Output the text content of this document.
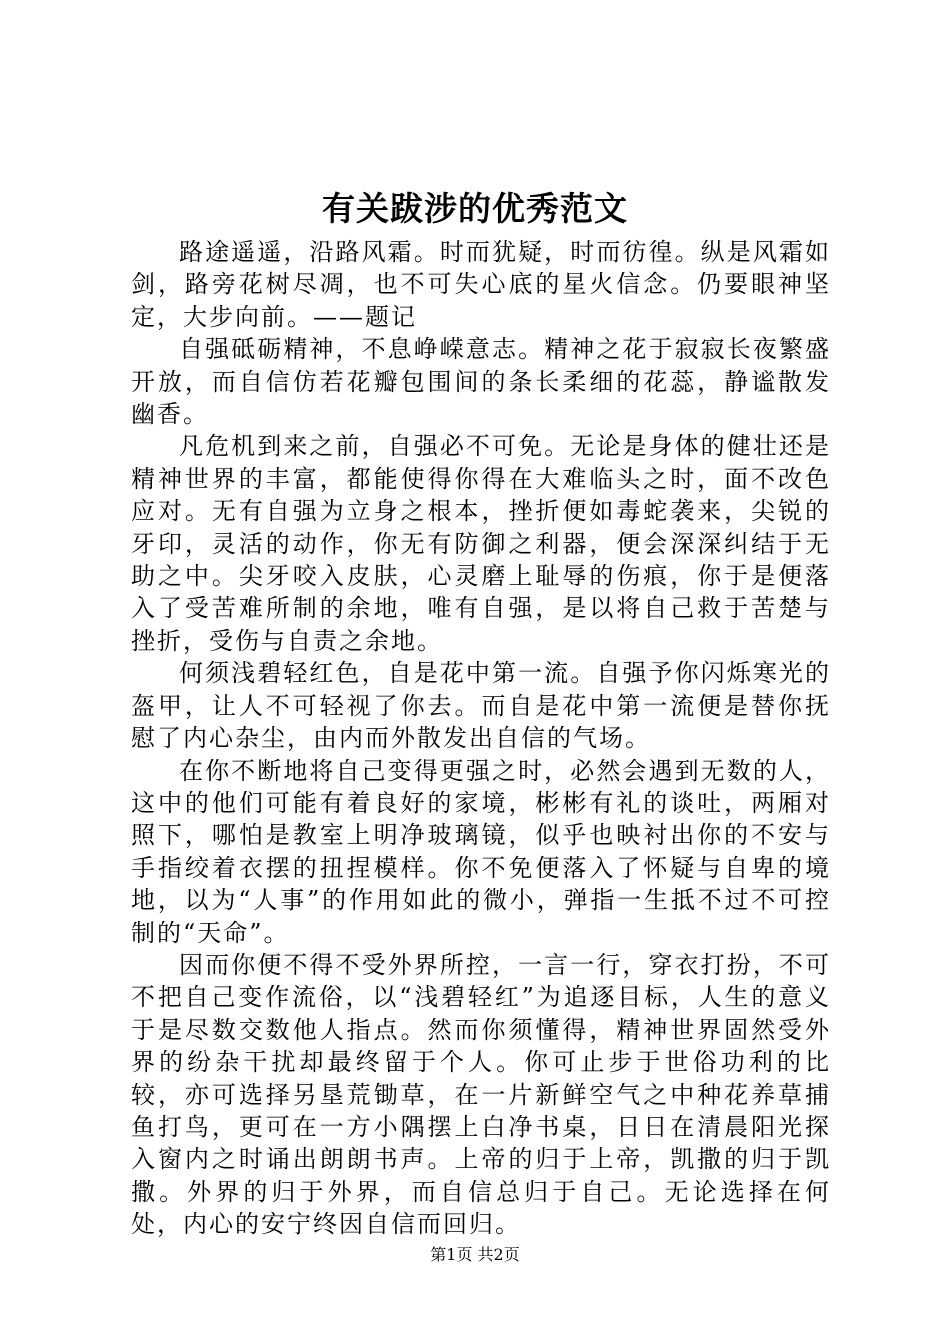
有关跋涉的优秀范文

路途遥遥，沿路风霜。时而犹疑，时而彷徨。纵是风霜如剑，路旁花树尽凋，也不可失心底的星火信念。仍要眼神坚定，大步向前。——题记

自强砥砺精神，不息峥嵘意志。精神之花于寂寂长夜繁盛开放，而自信仿若花瓣包围间的条长柔细的花蕊，静谧散发幽香。

凡危机到来之前，自强必不可免。无论是身体的健壮还是精神世界的丰富，都能使得你得在大难临头之时，面不改色应对。无有自强为立身之根本，挫折便如毒蛇袭来，尖锐的牙印，灵活的动作，你无有防御之利器，便会深深纠结于无助之中。尖牙咬入皮肤，心灵磨上耻辱的伤痕，你于是便落入了受苦难所制的余地，唯有自强，是以将自己救于苦楚与挫折，受伤与自责之余地。

何须浅碧轻红色，自是花中第一流。自强予你闪烁寒光的盔甲，让人不可轻视了你去。而自是花中第一流便是替你抚慰了内心杂尘，由内而外散发出自信的气场。

在你不断地将自己变得更强之时，必然会遇到无数的人，这中的他们可能有着良好的家境，彬彬有礼的谈吐，两厢对照下，哪怕是教室上明净玻璃镜，似乎也映衬出你的不安与手指绞着衣摆的扭捏模样。你不免便落入了怀疑与自卑的境地，以为“人事”的作用如此的微小，弹指一生抵不过不可控制的“天命”。

因而你便不得不受外界所控，一言一行，穿衣打扮，不可不把自己变作流俗，以“浅碧轻红”为追逐目标，人生的意义于是尽数交数他人指点。然而你须懂得，精神世界固然受外界的纷杂干扰却最终留于个人。你可止步于世俗功利的比较，亦可选择另垦荒锄草，在一片新鲜空气之中种花养草捕鱼打鸟，更可在一方小隅摆上白净书桌，日日在清晨阳光探入窗内之时诵出朗朗书声。上帝的归于上帝，凯撒的归于凯撒。外界的归于外界，而自信总归于自己。无论选择在何处，内心的安宁终因自信而回归。

第1页 共2页
